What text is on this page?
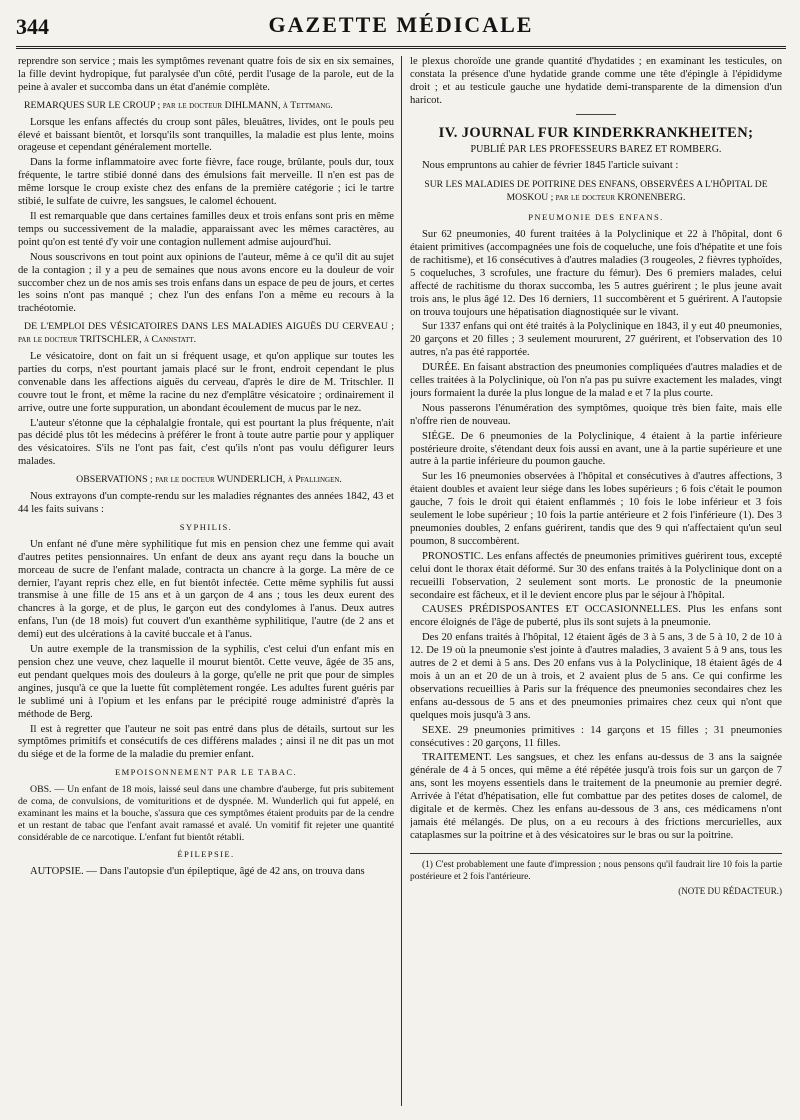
344	GAZETTE MÉDICALE

reprendre son service ; mais les symptômes revenant quatre fois de six en six semaines, la fille devint hydropique, fut paralysée d'un côté, perdit l'usage de la parole, eut de la peine à avaler et succomba dans un état d'anémie complète.

REMARQUES SUR LE CROUP ; par le docteur DIHLMANN, à Tettmang.

Lorsque les enfans affectés du croup sont pâles, bleuâtres, livides, ont le pouls peu élevé et baissant bientôt, et lorsqu'ils sont tranquilles, la maladie est plus lente, moins orageuse et cependant généralement mortelle.

Dans la forme inflammatoire avec forte fièvre, face rouge, brûlante, pouls dur, toux fréquente, le tartre stibié donné dans des émulsions fait merveille. Il n'en est pas de même lorsque le croup existe chez des enfans de la première catégorie ; ici le tartre stibié, le sulfate de cuivre, les sangsues, le calomel échouent.

Il est remarquable que dans certaines familles deux et trois enfans sont pris en même temps ou successivement de la maladie, apparaissant avec les mêmes caractères, au point qu'on est tenté d'y voir une contagion nullement admise aujourd'hui.

Nous souscrivons en tout point aux opinions de l'auteur, même à ce qu'il dit au sujet de la contagion ; il y a peu de semaines que nous avons encore eu la douleur de voir succomber chez un de nos amis ses trois enfans dans un espace de peu de jours, et certes les soins n'ont pas manqué ; chez l'un des enfans l'on a même eu recours à la trachéotomie.

DE L'EMPLOI DES VÉSICATOIRES DANS LES MALADIES AIGUËS DU CERVEAU ; par le docteur TRITSCHLER, à Cannstatt.

Le vésicatoire, dont on fait un si fréquent usage, et qu'on applique sur toutes les parties du corps, n'est pourtant jamais placé sur le front, endroit cependant le plus convenable dans les affections aiguës du cerveau, d'après le dire de M. Tritschler. Il couvre tout le front, et même la racine du nez d'emplâtre vésicatoire ; ordinairement il arrive, outre une forte suppuration, un abondant écoulement de mucus par le nez.

L'auteur s'étonne que la céphalalgie frontale, qui est pourtant la plus fréquente, n'ait pas décidé plus tôt les médecins à préférer le front à toute autre partie pour y appliquer des vésicatoires. S'ils ne l'ont pas fait, c'est qu'ils n'ont pas voulu défigurer leurs malades.

OBSERVATIONS ; par le docteur WUNDERLICH, à Pfallingen.

Nous extrayons d'un compte-rendu sur les maladies régnantes des années 1842, 43 et 44 les faits suivans :

SYPHILIS.

Un enfant né d'une mère syphilitique fut mis en pension chez une femme qui avait d'autres petites pensionnaires. Un enfant de deux ans ayant reçu dans la bouche un morceau de sucre de l'enfant malade, contracta un chancre à la gorge. La mère de ce dernier, l'ayant repris chez elle, en fut bientôt infectée. Cette même syphilis fut aussi transmise à une fille de 15 ans et à un garçon de 4 ans ; tous les deux eurent des chancres à la gorge, et de plus, le garçon eut des condylomes à l'anus. Deux autres enfans, l'un (de 18 mois) fut couvert d'un exanthème syphilitique, l'autre (de 2 ans et demi) eut des ulcérations à la cavité buccale et à l'anus.

Un autre exemple de la transmission de la syphilis, c'est celui d'un enfant mis en pension chez une veuve, chez laquelle il mourut bientôt. Cette veuve, âgée de 35 ans, eut pendant quelques mois des douleurs à la gorge, qu'elle ne prit que pour de simples angines, jusqu'à ce que la luette fût complètement rongée. Les adultes furent guéris par le sublimé uni à l'opium et les enfans par le précipité rouge administré d'après la méthode de Berg.

Il est à regretter que l'auteur ne soit pas entré dans plus de détails, surtout sur les symptômes primitifs et consécutifs de ces différens malades ; ainsi il ne dit pas un mot du siége et de la forme de la maladie du premier enfant.

EMPOISONNEMENT PAR LE TABAC.

OBS. — Un enfant de 18 mois, laissé seul dans une chambre d'auberge, fut pris subitement de coma, de convulsions, de vomituritions et de dyspnée. M. Wunderlich qui fut appelé, en examinant les mains et la bouche, s'assura que ces symptômes étaient produits par de la cendre et un restant de tabac que l'enfant avait ramassé et avalé. Un vomitif fit rejeter une quantité considérable de ce narcotique. L'enfant fut bientôt rétabli.

ÉPILEPSIE.

AUTOPSIE. — Dans l'autopsie d'un épileptique, âgé de 42 ans, on trouva dans

le plexus choroïde une grande quantité d'hydatides ; en examinant les testicules, on constata la présence d'une hydatide grande comme une tête d'épingle à l'épididyme droit ; et au testicule gauche une hydatide demi-transparente de la dimension d'un haricot.

IV. JOURNAL FUR KINDERKRANKHEITEN;
PUBLIÉ PAR LES PROFESSEURS BAREZ ET ROMBERG.

Nous empruntons au cahier de février 1845 l'article suivant :

SUR LES MALADIES DE POITRINE DES ENFANS, OBSERVÉES A L'HÔPITAL DE MOSKOU ; par le docteur KRONENBERG.
PNEUMONIE DES ENFANS.

Sur 62 pneumonies, 40 furent traitées à la Polyclinique et 22 à l'hôpital, dont 6 étaient primitives (accompagnées une fois de coqueluche, une fois d'hépatite et une fois de rachitisme), et 16 consécutives à d'autres maladies (3 rougeoles, 2 fièvres typhoïdes, 5 coqueluches, 3 scrofules, une fracture du fémur). Des 6 premiers malades, celui affecté de rachitisme du thorax succomba, les 5 autres guérirent ; le plus jeune avait trois ans, le plus âgé 12. Des 16 derniers, 11 succombèrent et 5 guérirent. A l'autopsie on trouva toujours une hépatisation diagnostiquée sur le vivant.

Sur 1337 enfans qui ont été traités à la Polyclinique en 1843, il y eut 40 pneumonies, 20 garçons et 20 filles ; 3 seulement moururent, 27 guérirent, et l'observation des 10 autres, n'a pas été rapportée.

DURÉE. En faisant abstraction des pneumonies compliquées d'autres maladies et de celles traitées à la Polyclinique, où l'on n'a pas pu suivre exactement les malades, vingt jours formaient la durée la plus longue de la malad e et 7 la plus courte.

Nous passerons l'énumération des symptômes, quoique très bien faite, mais elle n'offre rien de nouveau.

SIÉGE. De 6 pneumonies de la Polyclinique, 4 étaient à la partie inférieure postérieure droite, s'étendant deux fois aussi en avant, une à la partie supérieure et une autre à la partie inférieure du poumon gauche.

Sur les 16 pneumonies observées à l'hôpital et consécutives à d'autres affections, 3 étaient doubles et avaient leur siége dans les lobes supérieurs ; 6 fois c'était le poumon gauche, 7 fois le droit qui étaient enflammés ; 10 fois le lobe inférieur et 3 fois seulement le lobe supérieur ; 10 fois la partie antérieure et 2 fois l'inférieure (1). Des 3 pneumonies doubles, 2 enfans guérirent, tandis que des 9 qui n'affectaient qu'un seul poumon, 8 succombèrent.

PRONOSTIC. Les enfans affectés de pneumonies primitives guérirent tous, excepté celui dont le thorax était déformé. Sur 30 des enfans traités à la Polyclinique dont on a recueilli l'observation, 2 seulement sont morts. Le pronostic de la pneumonie secondaire est fâcheux, et il le devient encore plus par le séjour à l'hôpital.

CAUSES PRÉDISPOSANTES ET OCCASIONNELLES. Plus les enfans sont encore éloignés de l'âge de puberté, plus ils sont sujets à la pneumonie.

Des 20 enfans traités à l'hôpital, 12 étaient âgés de 3 à 5 ans, 3 de 5 à 10, 2 de 10 à 12. De 19 où la pneumonie s'est jointe à d'autres maladies, 3 avaient 5 à 9 ans, tous les autres de 2 et demi à 5 ans. Des 20 enfans vus à la Polyclinique, 18 étaient âgés de 4 mois à un an et 20 de un à trois, et 2 avaient plus de 5 ans. Ce qui confirme les observations recueillies à Paris sur la fréquence des pneumonies secondaires chez les enfans au-dessous de 5 ans et des pneumonies primaires chez ceux qui n'ont que quelques mois jusqu'à 3 ans.

SEXE. 29 pneumonies primitives : 14 garçons et 15 filles ; 31 pneumonies consécutives : 20 garçons, 11 filles.

TRAITEMENT. Les sangsues, et chez les enfans au-dessus de 3 ans la saignée générale de 4 à 5 onces, qui même a été répétée jusqu'à trois fois sur un garçon de 7 ans, sont les moyens essentiels dans le traitement de la pneumonie au premier degré. Arrivée à l'état d'hépatisation, elle fut combattue par des petites doses de calomel, de digitale et de kermès. Chez les enfans au-dessous de 3 ans, ces médicamens n'ont jamais été mélangés. De plus, on a eu recours à des frictions mercurielles, aux cataplasmes sur la poitrine et à des vésicatoires sur le bras ou sur la poitrine.

(1) C'est probablement une faute d'impression ; nous pensons qu'il faudrait lire 10 fois la partie postérieure et 2 fois l'antérieure.

(NOTE DU RÉDACTEUR.)
